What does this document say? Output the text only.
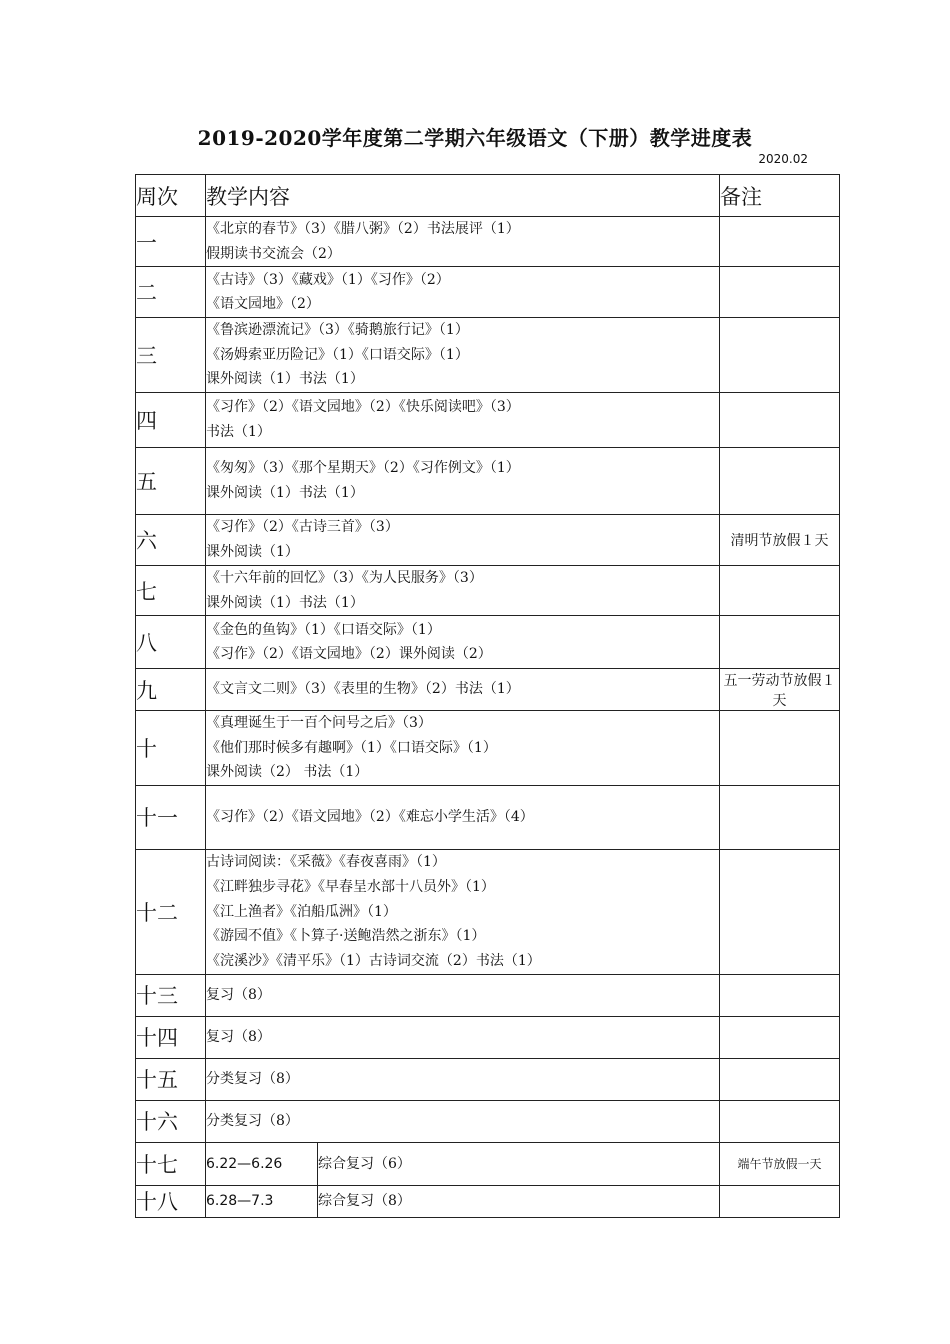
2019-2020学年度第二学期六年级语文（下册）教学进度表
2020.02
周次	教学内容		备注
一	《北京的春节》（3）《腊八粥》（2）书法展评（1）
假期读书交流会（2）		

二	《古诗》（3）《藏戏》（1）《习作》（2）
《语文园地》（2）		

三	《鲁滨逊漂流记》（3）《骑鹅旅行记》（1）
《汤姆索亚历险记》（1）《口语交际》（1）
课外阅读（1）书法（1）		

四	《习作》（2）《语文园地》（2）《快乐阅读吧》（3）
书法（1）		

五	《匆匆》（3）《那个星期天》（2）《习作例文》（1）
课外阅读（1）书法（1）		

六	《习作》（2）《古诗三首》（3）
课外阅读（1）		清明节放假１天
七	《十六年前的回忆》（3）《为人民服务》（3）
课外阅读（1）书法（1）		

八	《金色的鱼钩》（1）《口语交际》（1）
《习作》（2）《语文园地》（2）课外阅读（2）		

九	《文言文二则》（3）《表里的生物》（2）书法（1）		五一劳动节放假１天
十	《真理诞生于一百个问号之后》（3）
《他们那时候多有趣啊》（1）《口语交际》（1）
课外阅读（2） 书法（1）		

十一	《习作》（2）《语文园地》（2）《难忘小学生活》（4）		

十二	古诗词阅读：《采薇》《春夜喜雨》（1）
《江畔独步寻花》《早春呈水部十八员外》（1）
《江上渔者》《泊船瓜洲》（1）
《游园不值》《卜算子·送鲍浩然之浙东》（1）
《浣溪沙》《清平乐》（1）古诗词交流（2）书法（1）		

十三	复习（8）		

十四	复习（8）		

十五	分类复习（8）		

十六	分类复习（8）		

十七	6.22—6.26	综合复习（6）	端午节放假一天
十八	6.28—7.3	综合复习（8）	
